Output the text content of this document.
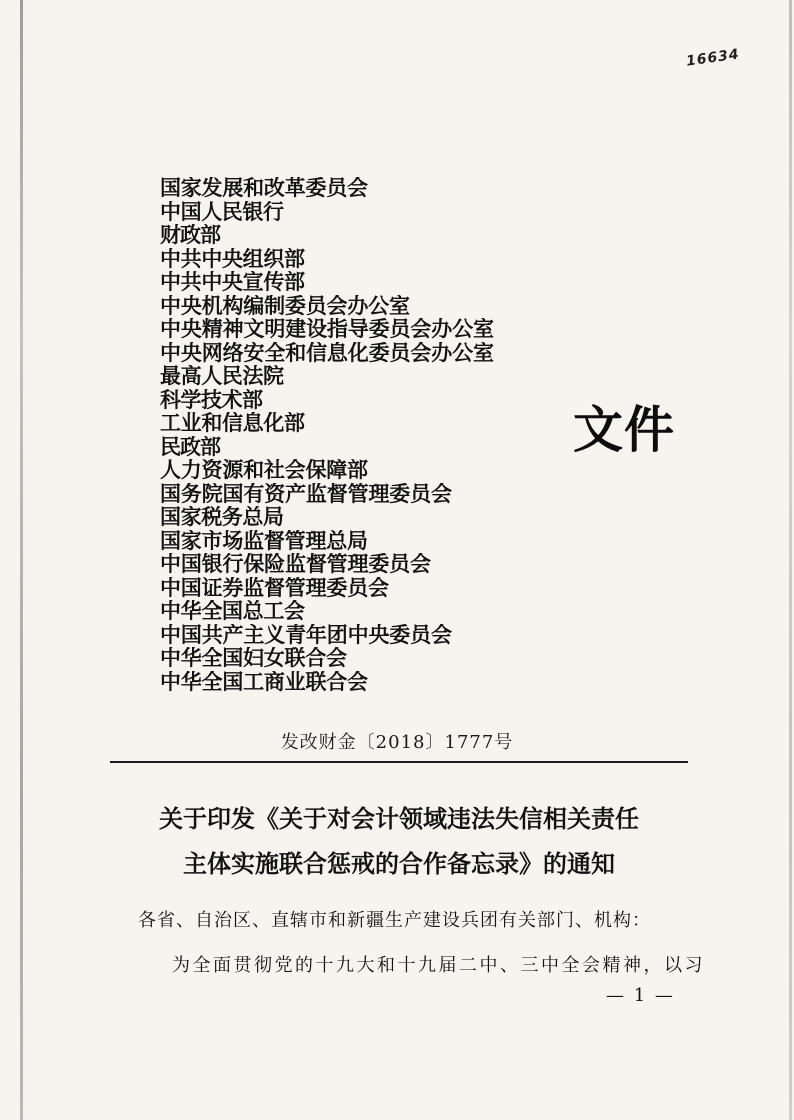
16634
国家发展和改革委员会
中国人民银行
财政部
中共中央组织部
中共中央宣传部
中央机构编制委员会办公室
中央精神文明建设指导委员会办公室
中央网络安全和信息化委员会办公室
最高人民法院
科学技术部
工业和信息化部
民政部
人力资源和社会保障部
国务院国有资产监督管理委员会
国家税务总局
国家市场监督管理总局
中国银行保险监督管理委员会
中国证券监督管理委员会
中华全国总工会
中国共产主义青年团中央委员会
中华全国妇女联合会
中华全国工商业联合会
文件
发改财金〔2018〕1777号
关于印发《关于对会计领域违法失信相关责任
主体实施联合惩戒的合作备忘录》的通知
各省、自治区、直辖市和新疆生产建设兵团有关部门、机构：
为全面贯彻党的十九大和十九届二中、三中全会精神，以习
— 1 —
